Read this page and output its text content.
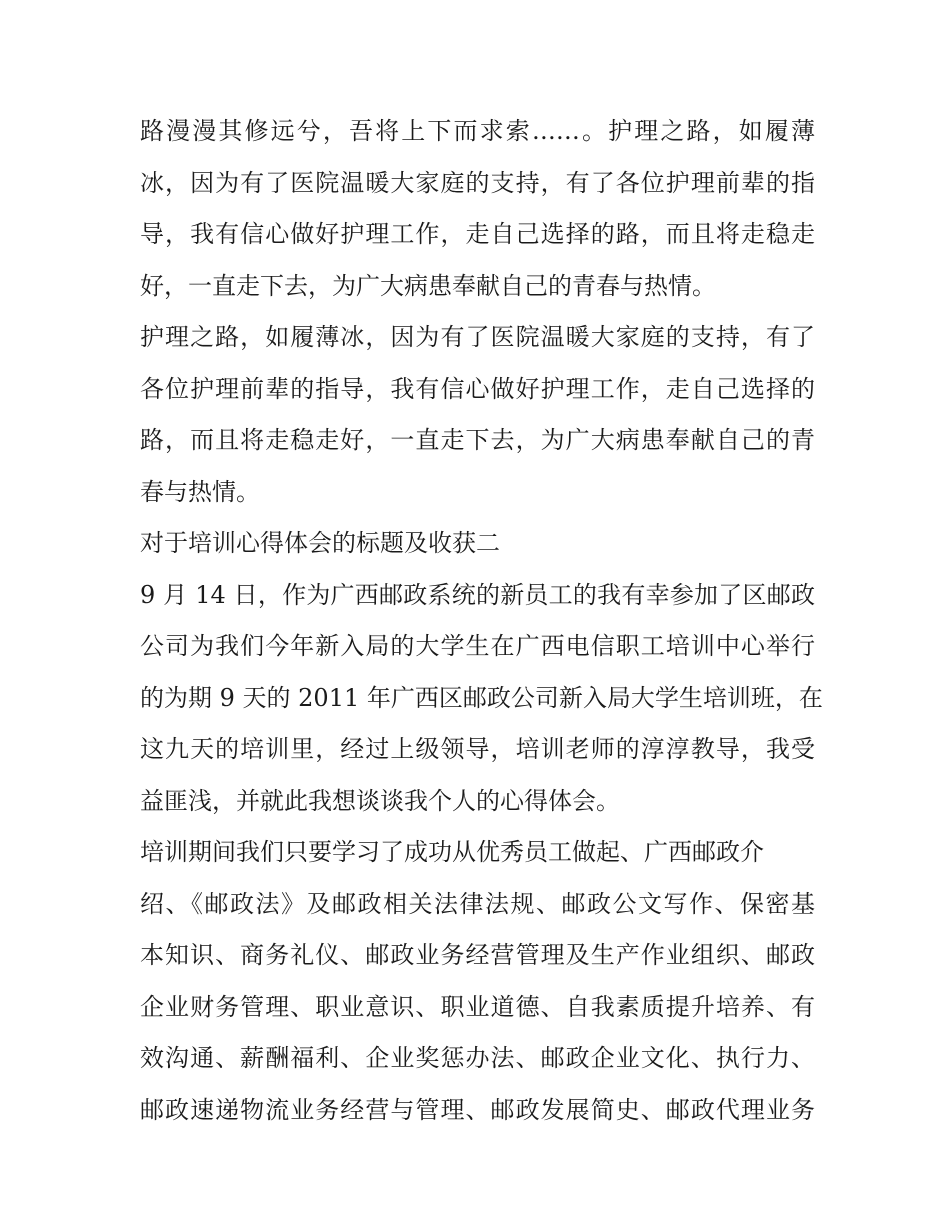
路漫漫其修远兮，吾将上下而求索……。护理之路，如履薄
冰，因为有了医院温暖大家庭的支持，有了各位护理前辈的指
导，我有信心做好护理工作，走自己选择的路，而且将走稳走
好，一直走下去，为广大病患奉献自己的青春与热情。
护理之路，如履薄冰，因为有了医院温暖大家庭的支持，有了
各位护理前辈的指导，我有信心做好护理工作，走自己选择的
路，而且将走稳走好，一直走下去，为广大病患奉献自己的青
春与热情。
对于培训心得体会的标题及收获二
9 月 14 日，作为广西邮政系统的新员工的我有幸参加了区邮政
公司为我们今年新入局的大学生在广西电信职工培训中心举行
的为期 9 天的 2011 年广西区邮政公司新入局大学生培训班，在
这九天的培训里，经过上级领导，培训老师的淳淳教导，我受
益匪浅，并就此我想谈谈我个人的心得体会。
培训期间我们只要学习了成功从优秀员工做起、广西邮政介
绍、《邮政法》及邮政相关法律法规、邮政公文写作、保密基
本知识、商务礼仪、邮政业务经营管理及生产作业组织、邮政
企业财务管理、职业意识、职业道德、自我素质提升培养、有
效沟通、薪酬福利、企业奖惩办法、邮政企业文化、执行力、
邮政速递物流业务经营与管理、邮政发展简史、邮政代理业务
